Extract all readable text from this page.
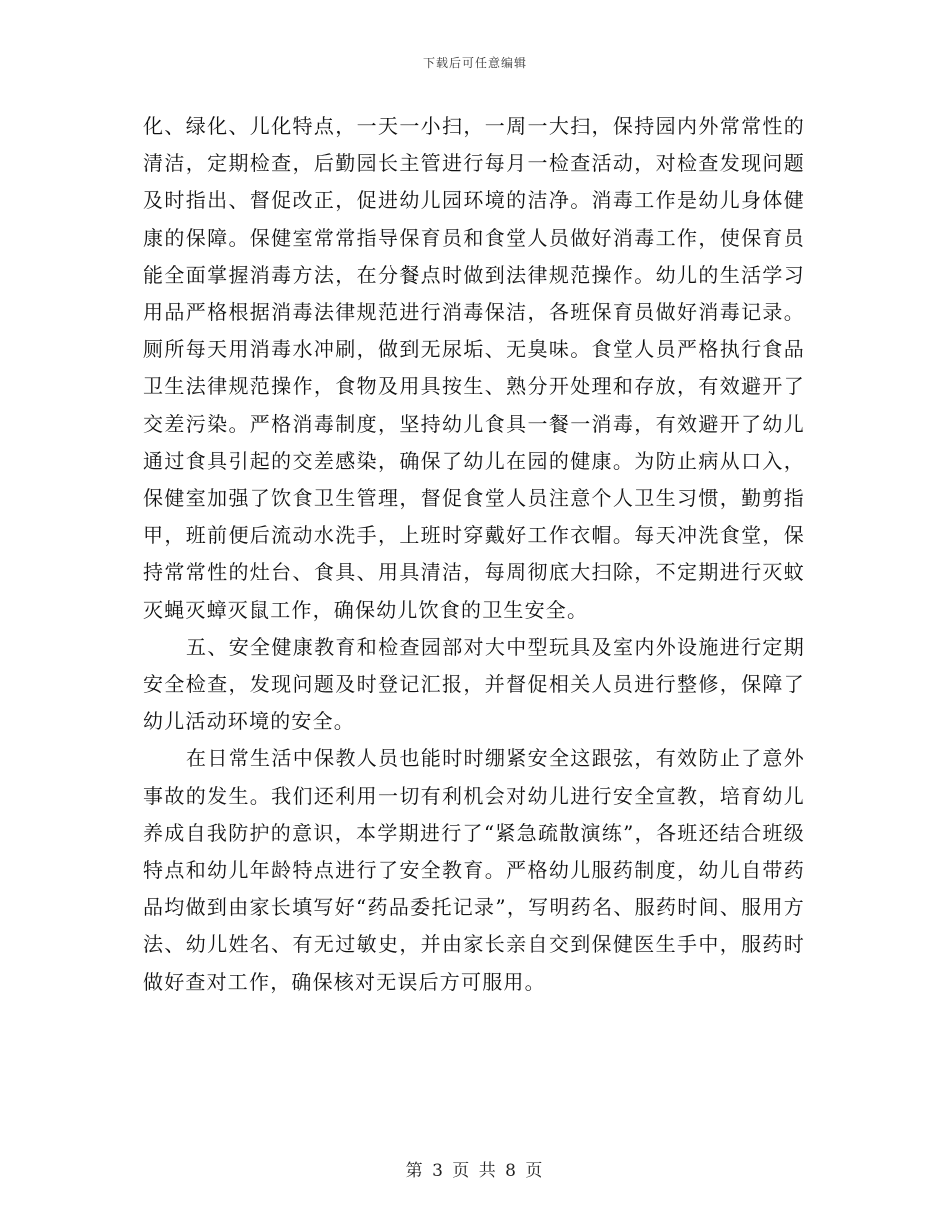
下载后可任意编辑

化、绿化、儿化特点，一天一小扫，一周一大扫，保持园内外常常性的清洁，定期检查，后勤园长主管进行每月一检查活动，对检查发现问题及时指出、督促改正，促进幼儿园环境的洁净。消毒工作是幼儿身体健康的保障。保健室常常指导保育员和食堂人员做好消毒工作，使保育员能全面掌握消毒方法，在分餐点时做到法律规范操作。幼儿的生活学习用品严格根据消毒法律规范进行消毒保洁，各班保育员做好消毒记录。厕所每天用消毒水冲刷，做到无尿垢、无臭味。食堂人员严格执行食品卫生法律规范操作，食物及用具按生、熟分开处理和存放，有效避开了交差污染。严格消毒制度，坚持幼儿食具一餐一消毒，有效避开了幼儿通过食具引起的交差感染，确保了幼儿在园的健康。为防止病从口入，保健室加强了饮食卫生管理，督促食堂人员注意个人卫生习惯，勤剪指甲，班前便后流动水洗手，上班时穿戴好工作衣帽。每天冲洗食堂，保持常常性的灶台、食具、用具清洁，每周彻底大扫除，不定期进行灭蚊灭蝇灭蟑灭鼠工作，确保幼儿饮食的卫生安全。

五、安全健康教育和检查园部对大中型玩具及室内外设施进行定期安全检查，发现问题及时登记汇报，并督促相关人员进行整修，保障了幼儿活动环境的安全。

在日常生活中保教人员也能时时绷紧安全这跟弦，有效防止了意外事故的发生。我们还利用一切有利机会对幼儿进行安全宣教，培育幼儿养成自我防护的意识，本学期进行了“紧急疏散演练”，各班还结合班级特点和幼儿年龄特点进行了安全教育。严格幼儿服药制度，幼儿自带药品均做到由家长填写好“药品委托记录”，写明药名、服药时间、服用方法、幼儿姓名、有无过敏史，并由家长亲自交到保健医生手中，服药时做好查对工作，确保核对无误后方可服用。

第 3 页 共 8 页
